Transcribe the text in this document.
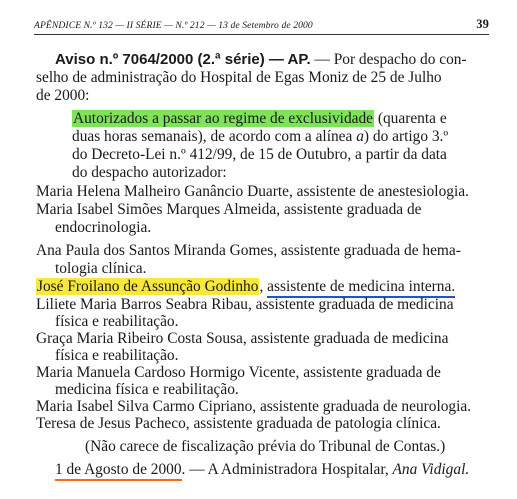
APÊNDICE N.º 132 — II SÉRIE — N.º 212 — 13 de Setembro de 2000	39
Aviso n.º 7064/2000 (2.ª série) — AP. — Por despacho do con-
selho de administração do Hospital de Egas Moniz de 25 de Julho
de 2000:
Autorizados a passar ao regime de exclusividade (quarenta e
duas horas semanais), de acordo com a alínea a) do artigo 3.º
do Decreto-Lei n.º 412/99, de 15 de Outubro, a partir da data
do despacho autorizador:
Maria Helena Malheiro Ganâncio Duarte, assistente de anestesiologia.
Maria Isabel Simões Marques Almeida, assistente graduada de
endocrinologia.
Ana Paula dos Santos Miranda Gomes, assistente graduada de hema-
tologia clínica.
José Froilano de Assunção Godinho, assistente de medicina interna.
Liliete Maria Barros Seabra Ribau, assistente graduada de medicina
física e reabilitação.
Graça Maria Ribeiro Costa Sousa, assistente graduada de medicina
física e reabilitação.
Maria Manuela Cardoso Hormigo Vicente, assistente graduada de
medicina física e reabilitação.
Maria Isabel Silva Carmo Cipriano, assistente graduada de neurologia.
Teresa de Jesus Pacheco, assistente graduada de patologia clínica.
(Não carece de fiscalização prévia do Tribunal de Contas.)
1 de Agosto de 2000. — A Administradora Hospitalar, Ana Vidigal.
